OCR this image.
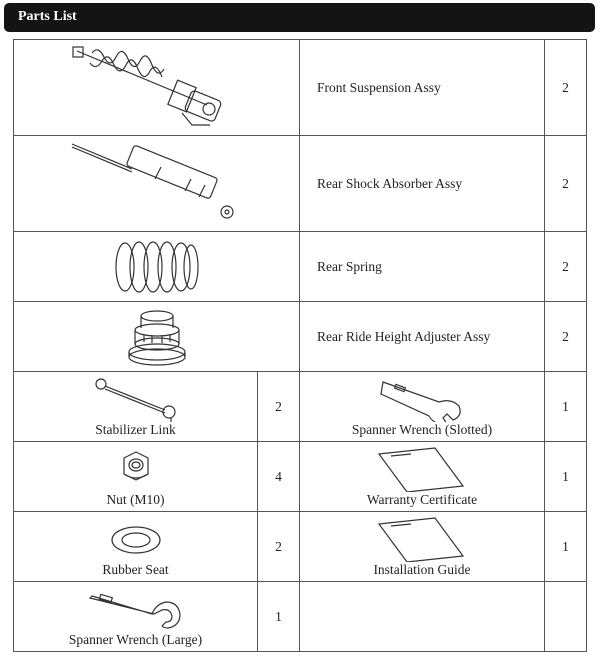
Parts List
	Front Suspension Assy	2

	Rear Shock Absorber Assy	2

	Rear Spring	2

	Rear Ride Height Adjuster Assy	2

Stabilizer Link	2	Spanner Wrench (Slotted)	1

Nut (M10)	4	Warranty Certificate	1

Rubber Seat	2	Installation Guide	1

Spanner Wrench (Large)	1		
